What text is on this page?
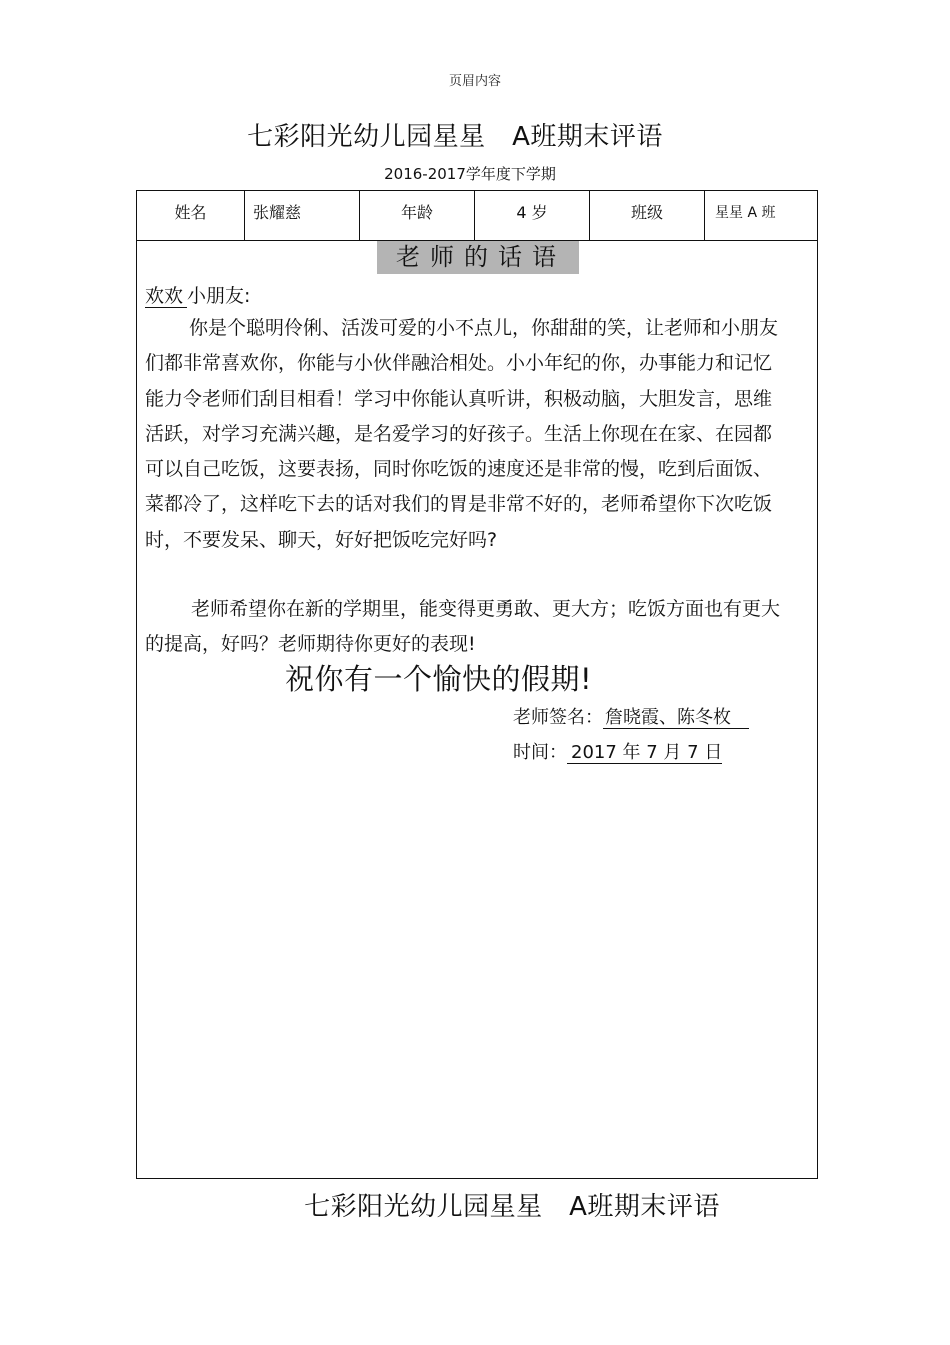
页眉内容
七彩阳光幼儿园星星　A班期末评语
2016-2017学年度下学期
姓名	张耀慈	年龄	4 岁	班级	星星 A 班
老师的话语
欢欢 小朋友:
你是个聪明伶俐、活泼可爱的小不点儿，你甜甜的笑，让老师和小朋友们都非常喜欢你，你能与小伙伴融洽相处。小小年纪的你，办事能力和记忆能力令老师们刮目相看！学习中你能认真听讲，积极动脑，大胆发言，思维活跃，对学习充满兴趣，是名爱学习的好孩子。生活上你现在在家、在园都可以自己吃饭，这要表扬，同时你吃饭的速度还是非常的慢，吃到后面饭、菜都冷了，这样吃下去的话对我们的胃是非常不好的，老师希望你下次吃饭时，不要发呆、聊天，好好把饭吃完好吗?
老师希望你在新的学期里，能变得更勇敢、更大方；吃饭方面也有更大的提高，好吗？老师期待你更好的表现!
祝你有一个愉快的假期!
老师签名： 詹晓霞、陈冬枚
时间： 2017 年 7 月 7 日
七彩阳光幼儿园星星　A班期末评语
